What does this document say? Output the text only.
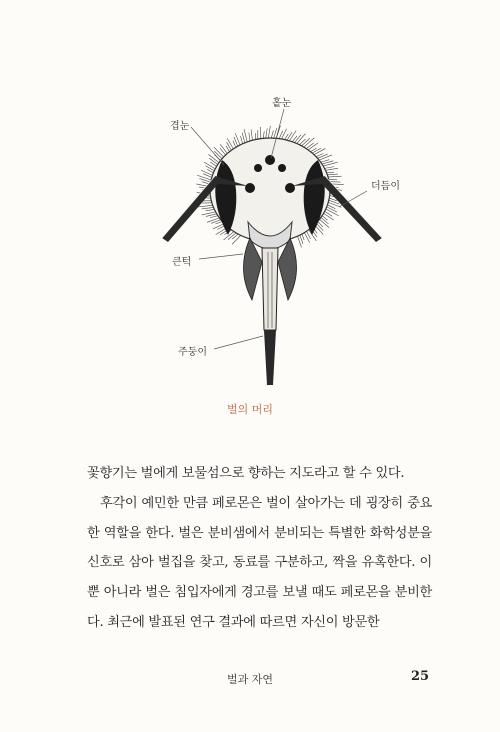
홑눈
겹눈
더듬이
큰턱
주둥이
벌의 머리

꽃향기는 벌에게 보물섬으로 향하는 지도라고 할 수 있다.

후각이 예민한 만큼 페로몬은 벌이 살아가는 데 굉장히 중요한 역할을 한다. 벌은 분비샘에서 분비되는 특별한 화학성분을 신호로 삼아 벌집을 찾고, 동료를 구분하고, 짝을 유혹한다. 이뿐 아니라 벌은 침입자에게 경고를 보낼 때도 페로몬을 분비한다. 최근에 발표된 연구 결과에 따르면 자신이 방문한

벌과 자연	25
